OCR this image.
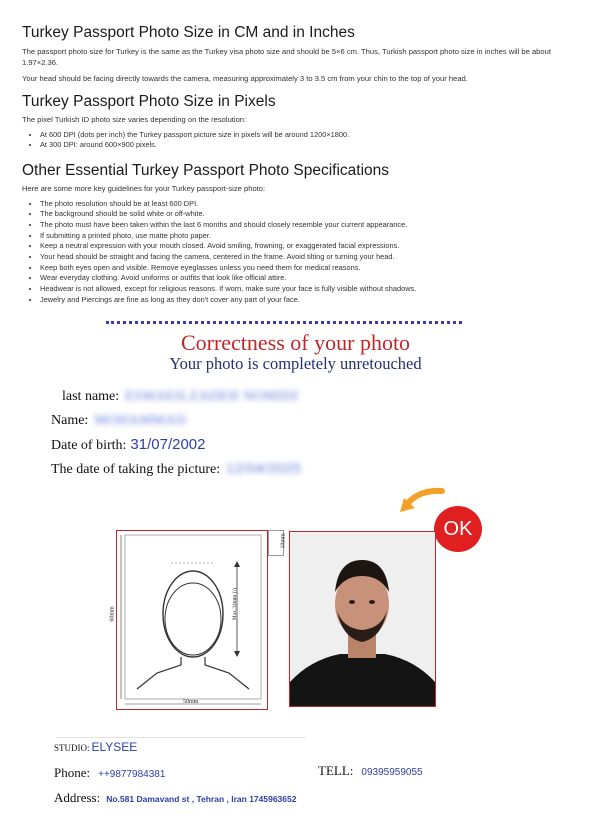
Turkey Passport Photo Size in CM and in Inches

The passport photo size for Turkey is the same as the Turkey visa photo size and should be 5×6 cm. Thus, Turkish passport photo size in inches will be about 1.97×2.36.

Your head should be facing directly towards the camera, measuring approximately 3 to 3.5 cm from your chin to the top of your head.

Turkey Passport Photo Size in Pixels

The pixel Turkish ID photo size varies depending on the resolution:

• At 600 DPI (dots per inch) the Turkey passport picture size in pixels will be around 1200×1800.
• At 300 DPI: around 600×900 pixels.
Other Essential Turkey Passport Photo Specifications

Here are some more key guidelines for your Turkey passport-size photo:

• The photo resolution should be at least 600 DPI.
• The background should be solid white or off-white.
• The photo must have been taken within the last 6 months and should closely resemble your current appearance.
• If submitting a printed photo, use matte photo paper.
• Keep a neutral expression with your mouth closed. Avoid smiling, frowning, or exaggerated facial expressions.
• Your head should be straight and facing the camera, centered in the frame. Avoid tilting or turning your head.
• Keep both eyes open and visible. Remove eyeglasses unless you need them for medical reasons.
• Wear everyday clothing. Avoid uniforms or outfits that look like official attire.
• Headwear is not allowed, except for religious reasons. If worn, make sure your face is fully visible without shadows.
• Jewelry and Piercings are fine as long as they don't cover any part of your face.
Correctness of your photo
Your photo is completely unretouched
last name: ESMAEILZADEH NOMIDI
Name: MOHAMMAD
Date of birth: 31/07/2002
The date of taking the picture: 12/04/2025
OK
60mm
50mm
Max.34mm (›)
10mm
STUDIO: ELYSEE
Phone: ++9877984381	TELL: 09395959055
Address: No.581 Damavand st , Tehran , Iran 1745963652
